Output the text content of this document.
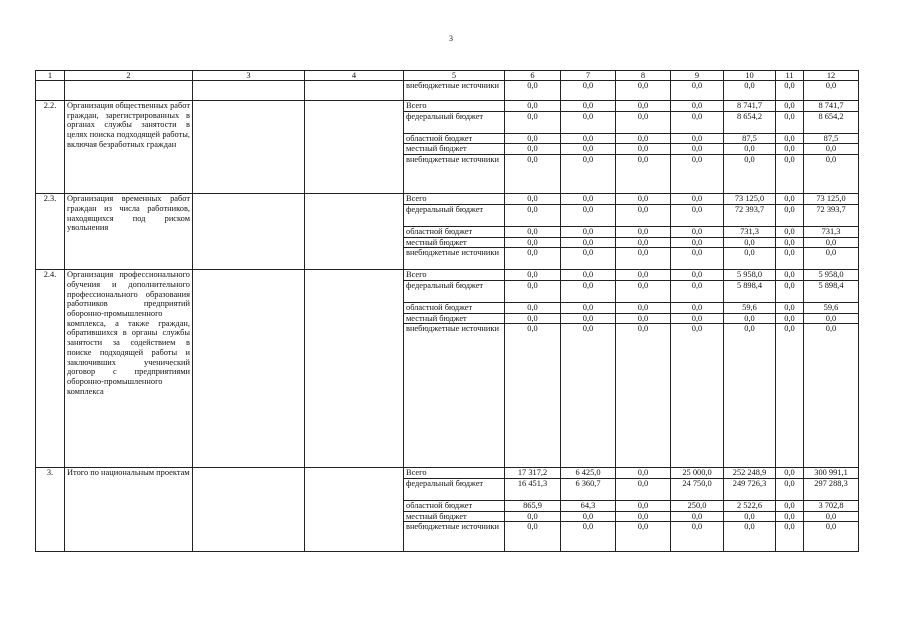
3
1	2	3	4	5	6	7	8	9	10	11	12
				внебюджетные источники	0,0	0,0	0,0	0,0	0,0	0,0	0,0
2.2.	Организация общественных работ граждан, зарегистрированных в органах службы занятости в целях поиска подходящей работы, включая безработных граждан			Всего	0,0	0,0	0,0	0,0	8 741,7	0,0	8 741,7
				федеральный бюджет	0,0	0,0	0,0	0,0	8 654,2	0,0	8 654,2
				областной бюджет	0,0	0,0	0,0	0,0	87,5	0,0	87,5
				местный бюджет	0,0	0,0	0,0	0,0	0,0	0,0	0,0
				внебюджетные источники	0,0	0,0	0,0	0,0	0,0	0,0	0,0
2.3.	Организация временных работ граждан из числа работников, находящихся под риском увольнения			Всего	0,0	0,0	0,0	0,0	73 125,0	0,0	73 125,0
				федеральный бюджет	0,0	0,0	0,0	0,0	72 393,7	0,0	72 393,7
				областной бюджет	0,0	0,0	0,0	0,0	731,3	0,0	731,3
				местный бюджет	0,0	0,0	0,0	0,0	0,0	0,0	0,0
				внебюджетные источники	0,0	0,0	0,0	0,0	0,0	0,0	0,0
2.4.	Организация профессионального обучения и дополнительного профессионального образования работников предприятий оборонно-промышленного комплекса, а также граждан, обратившихся в органы службы занятости за содействием в поиске подходящей работы и заключивших ученический договор с предприятиями оборонно-промышленного комплекса			Всего	0,0	0,0	0,0	0,0	5 958,0	0,0	5 958,0
				федеральный бюджет	0,0	0,0	0,0	0,0	5 898,4	0,0	5 898,4
				областной бюджет	0,0	0,0	0,0	0,0	59,6	0,0	59,6
				местный бюджет	0,0	0,0	0,0	0,0	0,0	0,0	0,0
				внебюджетные источники	0,0	0,0	0,0	0,0	0,0	0,0	0,0
3.	Итого по национальным проектам			Всего	17 317,2	6 425,0	0,0	25 000,0	252 248,9	0,0	300 991,1
				федеральный бюджет	16 451,3	6 360,7	0,0	24 750,0	249 726,3	0,0	297 288,3
				областной бюджет	865,9	64,3	0,0	250,0	2 522,6	0,0	3 702,8
				местный бюджет	0,0	0,0	0,0	0,0	0,0	0,0	0,0
				внебюджетные источники	0,0	0,0	0,0	0,0	0,0	0,0	0,0
